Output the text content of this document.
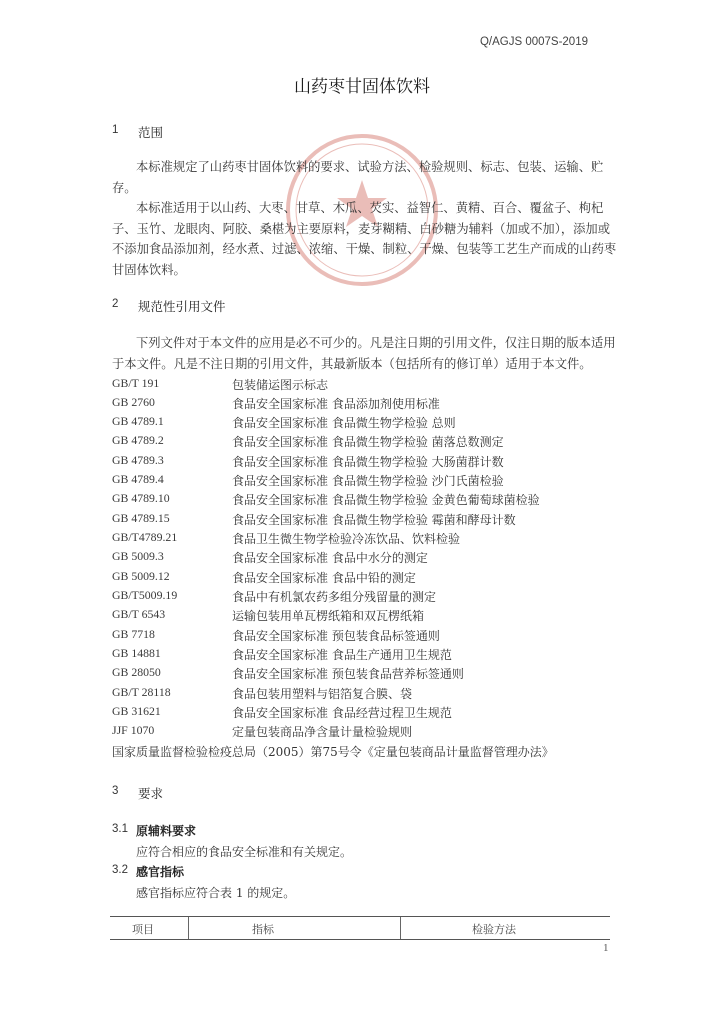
Q/AGJS 0007S-2019
山药枣甘固体饮料
1 范围
本标准规定了山药枣甘固体饮料的要求、试验方法、检验规则、标志、包装、运输、贮存。
本标准适用于以山药、大枣、甘草、木瓜、芡实、益智仁、黄精、百合、覆盆子、枸杞子、玉竹、龙眼肉、阿胶、桑椹为主要原料，麦芽糊精、白砂糖为辅料（加或不加），添加或不添加食品添加剂，经水煮、过滤、浓缩、干燥、制粒、干燥、包装等工艺生产而成的山药枣甘固体饮料。
2 规范性引用文件
下列文件对于本文件的应用是必不可少的。凡是注日期的引用文件，仅注日期的版本适用于本文件。凡是不注日期的引用文件，其最新版本（包括所有的修订单）适用于本文件。
GB/T 191	包装储运图示标志
GB 2760	食品安全国家标准 食品添加剂使用标准
GB 4789.1	食品安全国家标准 食品微生物学检验 总则
GB 4789.2	食品安全国家标准 食品微生物学检验 菌落总数测定
GB 4789.3	食品安全国家标准 食品微生物学检验 大肠菌群计数
GB 4789.4	食品安全国家标准 食品微生物学检验 沙门氏菌检验
GB 4789.10	食品安全国家标准 食品微生物学检验 金黄色葡萄球菌检验
GB 4789.15	食品安全国家标准 食品微生物学检验 霉菌和酵母计数
GB/T4789.21	食品卫生微生物学检验冷冻饮品、饮料检验
GB 5009.3	食品安全国家标准 食品中水分的测定
GB 5009.12	食品安全国家标准 食品中铅的测定
GB/T5009.19	食品中有机氯农药多组分残留量的测定
GB/T 6543	运输包装用单瓦楞纸箱和双瓦楞纸箱
GB 7718	食品安全国家标准 预包装食品标签通则
GB 14881	食品安全国家标准 食品生产通用卫生规范
GB 28050	食品安全国家标准 预包装食品营养标签通则
GB/T 28118	食品包装用塑料与铝箔复合膜、袋
GB 31621	食品安全国家标准 食品经营过程卫生规范
JJF 1070	定量包装商品净含量计量检验规则
国家质量监督检验检疫总局（2005）第75号令《定量包装商品计量监督管理办法》
3 要求
3.1 原辅料要求
应符合相应的食品安全标准和有关规定。
3.2 感官指标
感官指标应符合表 1 的规定。
项目	指标	检验方法
1
